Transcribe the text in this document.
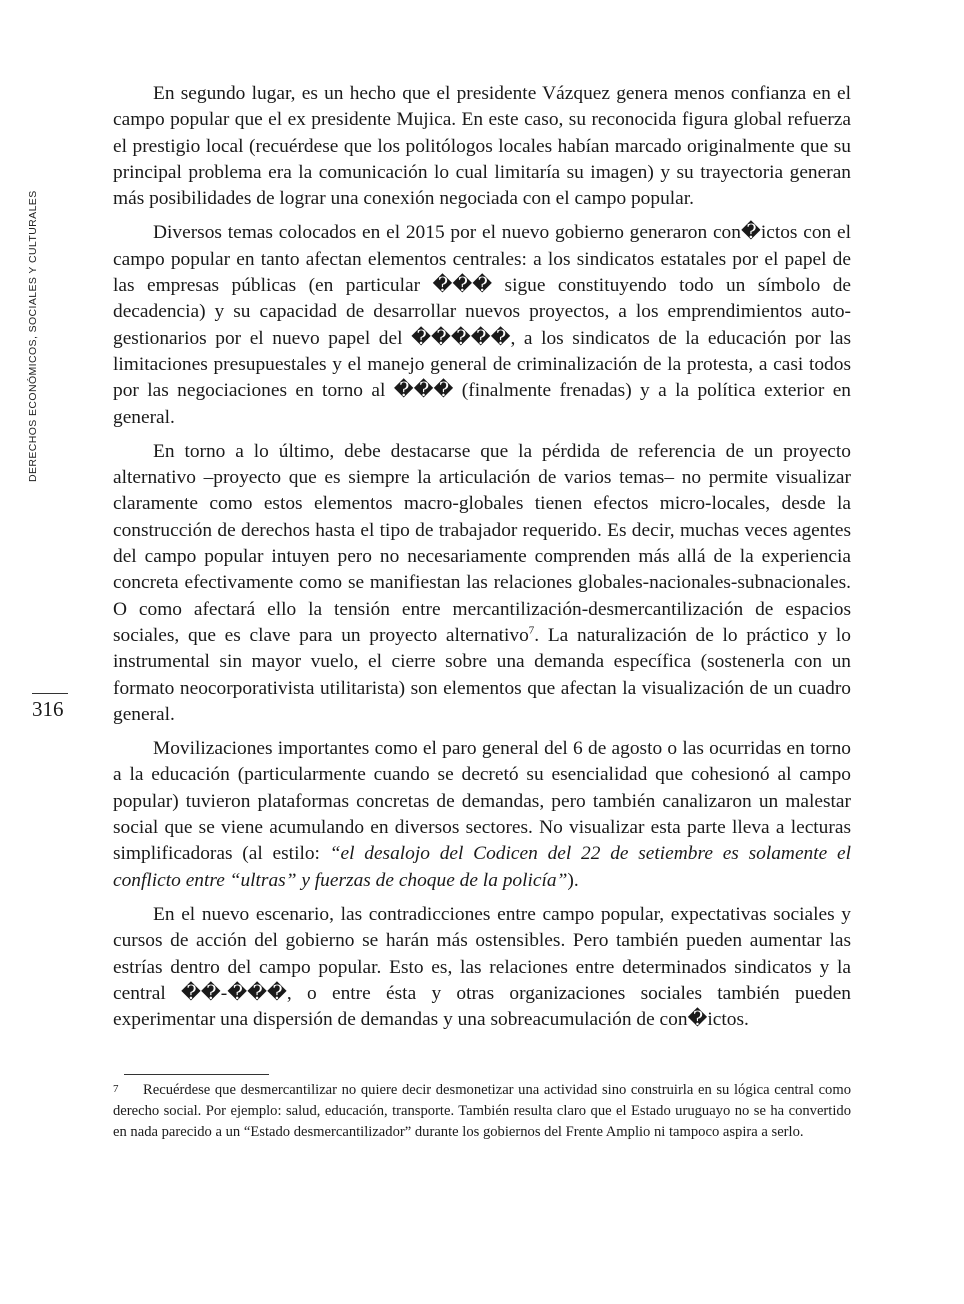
DERECHOS ECONÓMICOS, SOCIALES Y CULTURALES
316

En segundo lugar, es un hecho que el presidente Vázquez genera menos confianza en el campo popular que el ex presidente Mujica. En este caso, su reconocida figura global refuerza el prestigio local (recuérdese que los politólogos locales habían marcado originalmente que su principal problema era la comunicación lo cual limitaría su imagen) y su trayectoria generan más posibilidades de lograr una conexión negociada con el campo popular.

Diversos temas colocados en el 2015 por el nuevo gobierno generaron con�ictos con el campo popular en tanto afectan elementos centrales: a los sindicatos estatales por el papel de las empresas públicas (en particular ��� sigue constituyendo todo un símbolo de decadencia) y su capacidad de desarrollar nuevos proyectos, a los emprendimientos autogestionarios por el nuevo papel del �����, a los sindicatos de la educación por las limitaciones presupuestales y el manejo general de criminalización de la protesta, a casi todos por las negociaciones en torno al ��� (finalmente frenadas) y a la política exterior en general.

En torno a lo último, debe destacarse que la pérdida de referencia de un proyecto alternativo –proyecto que es siempre la articulación de varios temas– no permite visualizar claramente como estos elementos macro-globales tienen efectos micro-locales, desde la construcción de derechos hasta el tipo de trabajador requerido. Es decir, muchas veces agentes del campo popular intuyen pero no necesariamente comprenden más allá de la experiencia concreta efectivamente como se manifiestan las relaciones globales-nacionales-subnacionales. O como afectará ello la tensión entre mercantilización-desmercantilización de espacios sociales, que es clave para un proyecto alternativo$^7$. La naturalización de lo práctico y lo instrumental sin mayor vuelo, el cierre sobre una demanda específica (sostenerla con un formato neocorporativista utilitarista) son elementos que afectan la visualización de un cuadro general.

Movilizaciones importantes como el paro general del 6 de agosto o las ocurridas en torno a la educación (particularmente cuando se decretó su esencialidad que cohesionó al campo popular) tuvieron plataformas concretas de demandas, pero también canalizaron un malestar social que se viene acumulando en diversos sectores. No visualizar esta parte lleva a lecturas simplificadoras (al estilo: “el desalojo del Codicen del 22 de setiembre es solamente el conflicto entre “ultras” y fuerzas de choque de la policía”).

En el nuevo escenario, las contradicciones entre campo popular, expectativas sociales y cursos de acción del gobierno se harán más ostensibles. Pero también pueden aumentar las estrías dentro del campo popular. Esto es, las relaciones entre determinados sindicatos y la central ��-���, o entre ésta y otras organizaciones sociales también pueden experimentar una dispersión de demandas y una sobreacumulación de con�ictos.

7 Recuérdese que desmercantilizar no quiere decir desmonetizar una actividad sino construirla en su lógica central como derecho social. Por ejemplo: salud, educación, transporte. También resulta claro que el Estado uruguayo no se ha convertido en nada parecido a un “Estado desmercantilizador” durante los gobiernos del Frente Amplio ni tampoco aspira a serlo.
